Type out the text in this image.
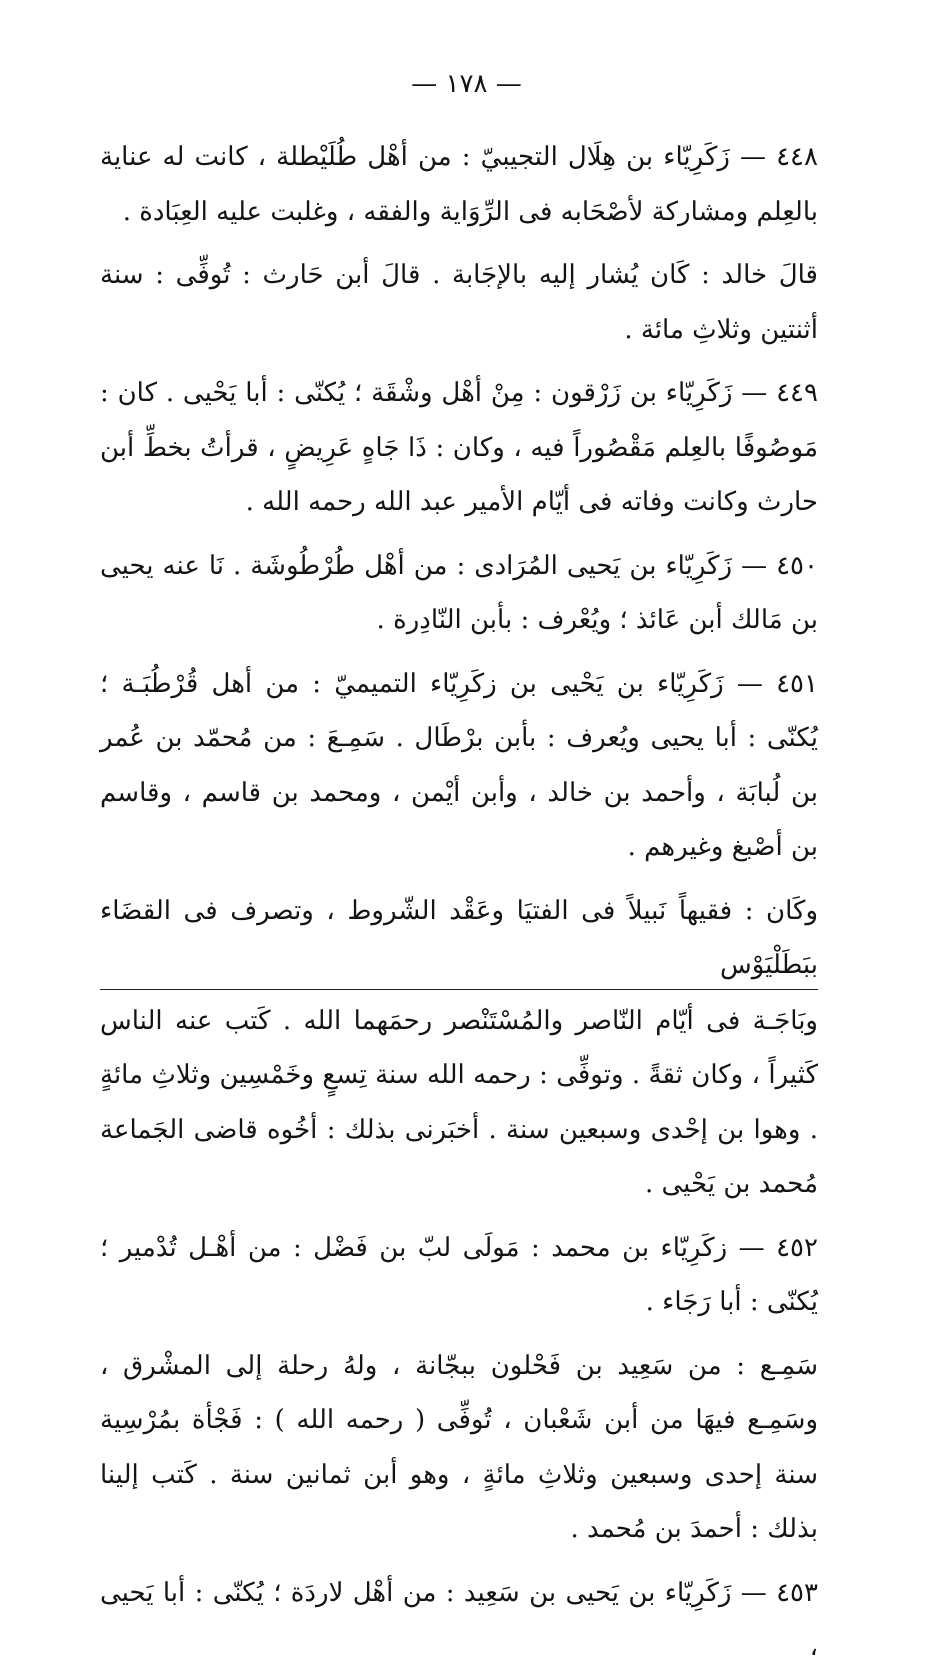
— ١٧٨ —

٤٤٨ — زَكَرِيّاء بن هِلَال التجيبيّ : من أهْل طُلَيْطلة ، كانت له عناية بالعِلم ومشاركة لأصْحَابه فى الرِّوَاية والفقه ، وغلبت عليه العِبَادة .

قالَ خالد : كَان يُشار إليه بالإجَابة . قالَ أبن حَارث : تُوفِّى : سنة أثنتين وثلاثِ مائة .

٤٤٩ — زَكَرِيّاء بن زَرْقون : مِنْ أهْل وشْقَة ؛ يُكنّى : أبا يَحْيى . كان : مَوصُوفًا بالعِلم مَقْصُوراً فيه ، وكان : ذَا جَاهٍ عَرِيضٍ ، قرأتُ بخطِّ أبن حارث وكانت وفاته فى أيّام الأمير عبد الله رحمه الله .

٤٥٠ — زَكَرِيّاء بن يَحيى المُرَادى : من أهْل طُرْطُوشَة . نَا عنه يحيى بن مَالك أبن عَائذ ؛ ويُعْرف : بأبن النّادِرة .

٤٥١ — زَكَرِيّاء بن يَحْيى بن زكَرِيّاء التميميّ : من أهل قُرْطُبَـة ؛ يُكنّى : أبا يحيى ويُعرف : بأبن برْطَال . سَمِـعَ : من مُحمّد بن عُمر بن لُبابَة ، وأحمد بن خالد ، وأبن أيْمن ، ومحمد بن قاسم ، وقاسم بن أصْبغ وغيرهم .

وكَان : فقيهاً نَبيلاً فى الفتيَا وعَقْد الشّروط ، وتصرف فى القضَاء ببَطَلْيَوْس

وبَاجَـة فى أيّام النّاصر والمُسْتَنْصر رحمَهما الله . كَتب عنه الناس كَثيراً ، وكان ثقةً . وتوفِّى : رحمه الله سنة تِسعٍ وخَمْسِين وثلاثِ مائةٍ . وهوا بن إحْدى وسبعين سنة . أخبَرنى بذلك : أخُوه قاضى الجَماعة مُحمد بن يَحْيى .

٤٥٢ — زكَرِيّاء بن محمد : مَولَى لبّ بن فَضْل : من أهْـل تُدْمير ؛ يُكنّى : أبا رَجَاء .

سَمِـع : من سَعِيد بن فَحْلون ببجّانة ، ولهُ رحلة إلى المشْرق ، وسَمِـع فيهَا من أبن شَعْبان ، تُوفِّى ( رحمه الله ) : فَجْأة بمُرْسِية سنة إحدى وسبعين وثلاثِ مائةٍ ، وهو أبن ثمانين سنة . كَتب إلينا بذلك : أحمدَ بن مُحمد .

٤٥٣ — زَكَرِيّاء بن يَحيى بن سَعِيد : من أهْل لاردَة ؛ يُكنّى : أبا يَحيى ،
